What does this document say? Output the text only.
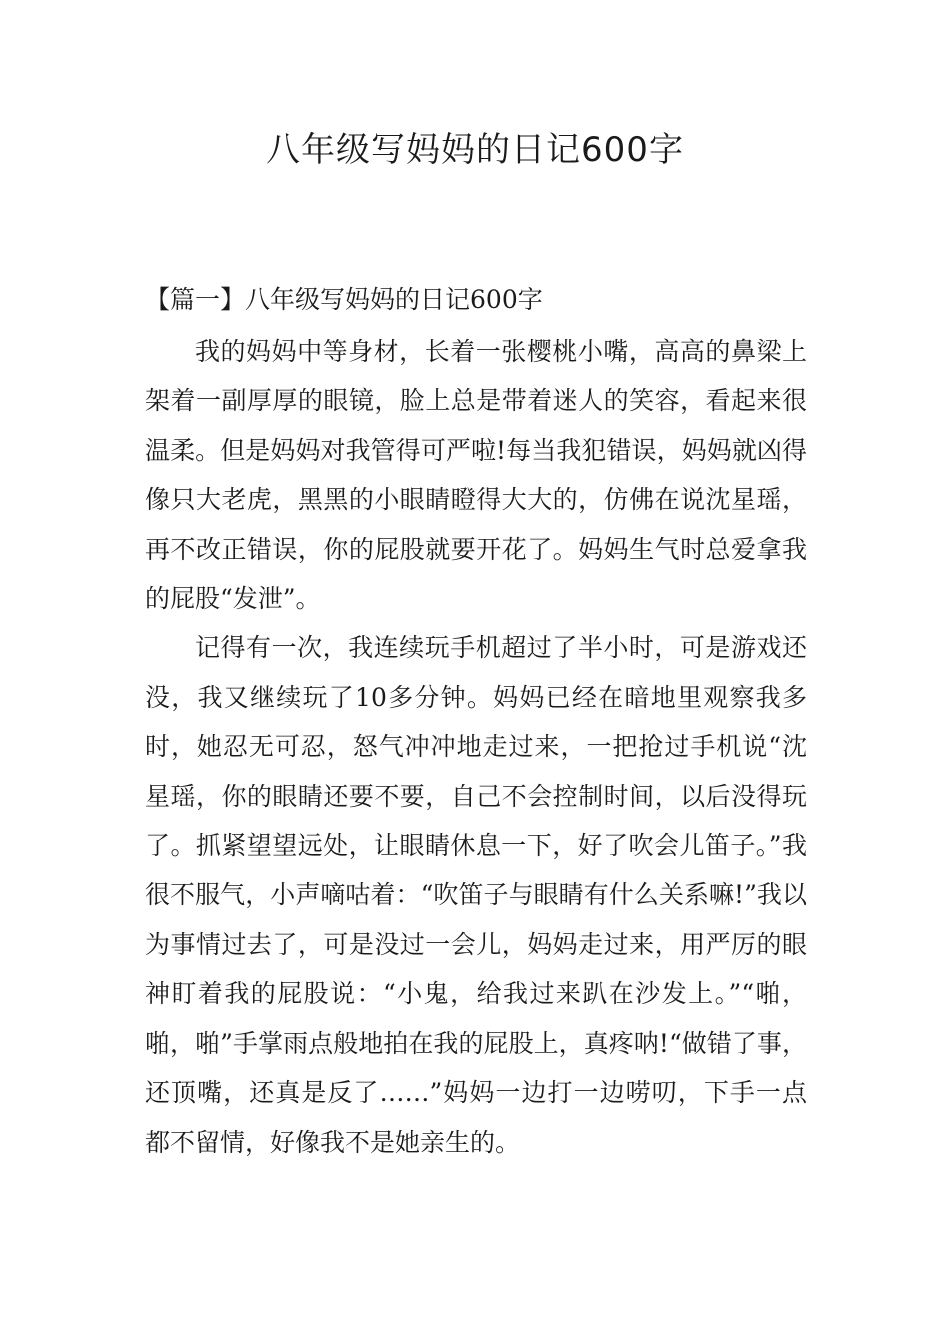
八年级写妈妈的日记600字
【篇一】八年级写妈妈的日记600字

我的妈妈中等身材，长着一张樱桃小嘴，高高的鼻梁上架着一副厚厚的眼镜，脸上总是带着迷人的笑容，看起来很温柔。但是妈妈对我管得可严啦!每当我犯错误，妈妈就凶得像只大老虎，黑黑的小眼睛瞪得大大的，仿佛在说沈星瑶，再不改正错误，你的屁股就要开花了。妈妈生气时总爱拿我的屁股“发泄”。

记得有一次，我连续玩手机超过了半小时，可是游戏还没，我又继续玩了10多分钟。妈妈已经在暗地里观察我多时，她忍无可忍，怒气冲冲地走过来，一把抢过手机说“沈星瑶，你的眼睛还要不要，自己不会控制时间，以后没得玩了。抓紧望望远处，让眼睛休息一下，好了吹会儿笛子。”我很不服气，小声嘀咕着：“吹笛子与眼睛有什么关系嘛!”我以为事情过去了，可是没过一会儿，妈妈走过来，用严厉的眼神盯着我的屁股说：“小鬼，给我过来趴在沙发上。”“啪，啪，啪”手掌雨点般地拍在我的屁股上，真疼呐!“做错了事，还顶嘴，还真是反了……”妈妈一边打一边唠叨，下手一点都不留情，好像我不是她亲生的。
